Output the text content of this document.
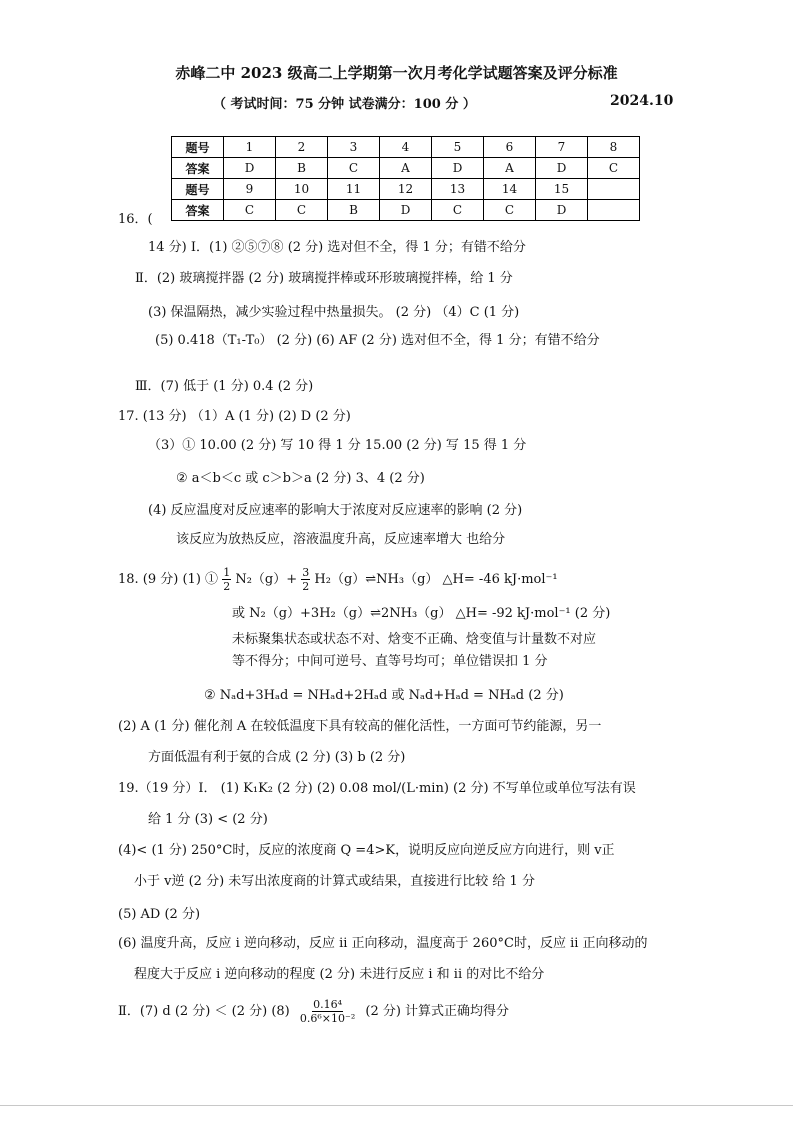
赤峰二中 2023 级高二上学期第一次月考化学试题答案及评分标准
（ 考试时间：75 分钟 试卷满分：100 分 ）	2024.10
题号	1	2	3	4	5	6	7	8
答案	D	B	C	A	D	A	D	C
题号	9	10	11	12	13	14	15	
答案	C	C	B	D	C	C	D	
16．(
14 分) I．(1) ②⑤⑦⑧ (2 分) 选对但不全，得 1 分；有错不给分
Ⅱ．(2) 玻璃搅拌器 (2 分) 玻璃搅拌棒或环形玻璃搅拌棒，给 1 分
(3) 保温隔热，减少实验过程中热量损失。 (2 分) （4）C (1 分)
(5) 0.418（T₁-T₀） (2 分) (6) AF (2 分) 选对但不全，得 1 分；有错不给分
Ⅲ．(7) 低于 (1 分) 0.4 (2 分)
17. (13 分) （1）A (1 分) (2) D (2 分)
（3）① 10.00 (2 分) 写 10 得 1 分 15.00 (2 分) 写 15 得 1 分
② a＜b＜c 或 c＞b＞a (2 分) 3、4 (2 分)
(4) 反应温度对反应速率的影响大于浓度对反应速率的影响 (2 分)
该反应为放热反应，溶液温度升高，反应速率增大 也给分
18. (9 分) (1) ① $\frac{1}{2} N_2(g)+ \frac{3}{2}$ H₂（g）⇌NH₃（g） △H= -46 kJ·mol⁻¹
或 N₂（g）+3H₂（g）⇌2NH₃（g） △H= -92 kJ·mol⁻¹ (2 分)
未标聚集状态或状态不对、焓变不正确、焓变值与计量数不对应
等不得分；中间可逆号、直等号均可；单位错误扣 1 分
② Nₐd+3Hₐd = NHₐd+2Hₐd 或 Nₐd+Hₐd = NHₐd (2 分)
(2) A (1 分) 催化剂 A 在较低温度下具有较高的催化活性，一方面可节约能源，另一
方面低温有利于氨的合成 (2 分) (3) b (2 分)
19.（19 分）Ⅰ． (1) K₁K₂ (2 分) (2) 0.08 mol/(L·min) (2 分) 不写单位或单位写法有误
给 1 分 (3) < (2 分)
(4)< (1 分) 250°C时，反应的浓度商 Q =4>K，说明反应向逆反应方向进行，则 v正
小于 v逆 (2 分) 未写出浓度商的计算式或结果，直接进行比较 给 1 分
(5) AD (2 分)
(6) 温度升高，反应 i 逆向移动，反应 ii 正向移动，温度高于 260°C时，反应 ii 正向移动的
程度大于反应 i 逆向移动的程度 (2 分) 未进行反应 i 和 ii 的对比不给分
Ⅱ．(7) d (2 分) ＜ (2 分) $(8) \frac{\text{0.16⁴}}{\text{0.6⁶×10⁻²}} (2$ 分) 计算式正确均得分
